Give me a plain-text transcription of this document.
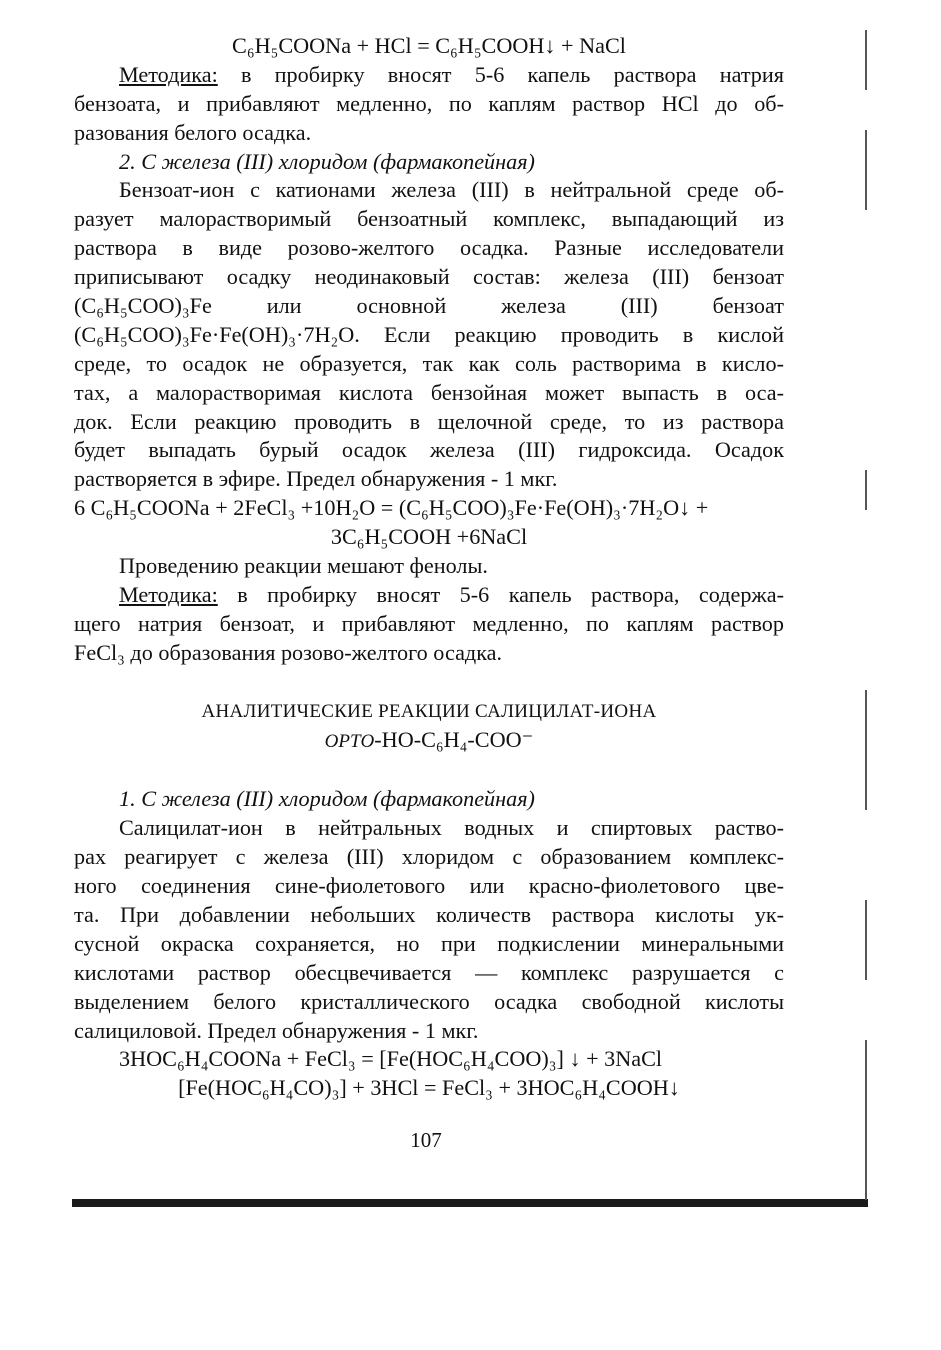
C₆H₅COONa + HCl = C₆H₅COOH↓ + NaCl
Методика: в пробирку вносят 5-6 капель раствора натрия
бензоата, и прибавляют медленно, по каплям раствор HCl до об-
разования белого осадка.
2. С железа (III) хлоридом (фармакопейная)
Бензоат-ион с катионами железа (III) в нейтральной среде об-
разует малорастворимый бензоатный комплекс, выпадающий из
раствора в виде розово-желтого осадка. Разные исследователи
приписывают осадку неодинаковый состав: железа (III) бензоат
(C₆H₅COO)₃Fe или основной железа (III) бензоат
(C₆H₅COO)₃Fe·Fe(OH)₃·7H₂O. Если реакцию проводить в кислой
среде, то осадок не образуется, так как соль растворима в кисло-
тах, а малорастворимая кислота бензойная может выпасть в оса-
док. Если реакцию проводить в щелочной среде, то из раствора
будет выпадать бурый осадок железа (III) гидроксида. Осадок
растворяется в эфире. Предел обнаружения - 1 мкг.
6 C₆H₅COONa + 2FeCl₃ +10H₂O = (C₆H₅COO)₃Fe·Fe(OH)₃·7H₂O↓ +
3C₆H₅COOH +6NaCl
Проведению реакции мешают фенолы.
Методика: в пробирку вносят 5-6 капель раствора, содержа-
щего натрия бензоат, и прибавляют медленно, по каплям раствор
FeCl₃ до образования розово-желтого осадка.
АНАЛИТИЧЕСКИЕ РЕАКЦИИ САЛИЦИЛАТ-ИОНА
ОРТО-HO-C₆H₄-COO⁻
1. С железа (III) хлоридом (фармакопейная)
Салицилат-ион в нейтральных водных и спиртовых раство-
рах реагирует с железа (III) хлоридом с образованием комплекс-
ного соединения сине-фиолетового или красно-фиолетового цве-
та. При добавлении небольших количеств раствора кислоты ук-
сусной окраска сохраняется, но при подкислении минеральными
кислотами раствор обесцвечивается — комплекс разрушается с
выделением белого кристаллического осадка свободной кислоты
салициловой. Предел обнаружения - 1 мкг.
3HOC₆H₄COONa + FeCl₃ = [Fe(HOC₆H₄COO)₃] ↓ + 3NaCl
[Fe(HOC₆H₄CO)₃] + 3HCl = FeCl₃ + 3HOC₆H₄COOH↓
107
